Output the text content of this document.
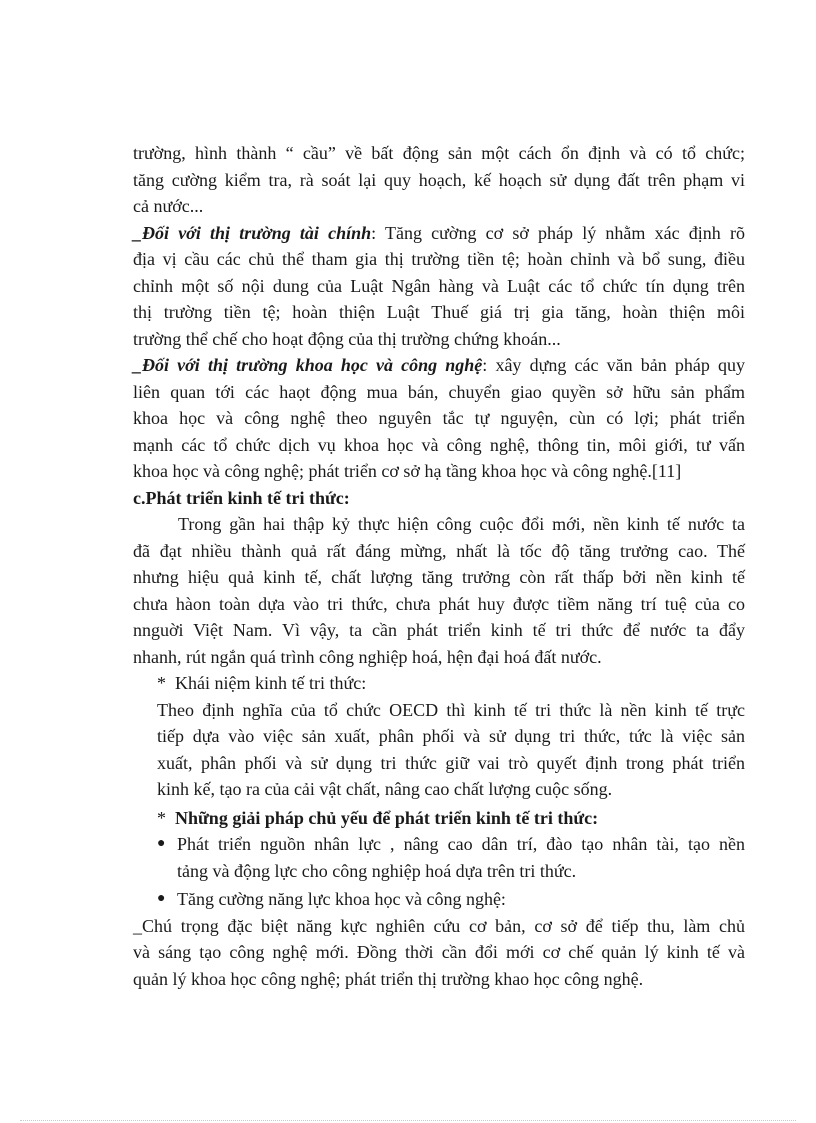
trường, hình thành “ cầu” về bất động sản một cách ổn định và có tổ chức;
tăng cường kiểm tra, rà soát lại quy hoạch, kế hoạch sử dụng đất trên phạm vi
cả nước...

_Đối với thị trường tài chính: Tăng cường cơ sở pháp lý nhằm xác định rõ
địa vị cầu các chủ thể tham gia thị trường tiền tệ; hoàn chỉnh và bổ sung, điều
chỉnh một số nội dung của Luật Ngân hàng và Luật các tổ chức tín dụng trên
thị trường tiền tệ; hoàn thiện Luật Thuế giá trị gia tăng, hoàn thiện môi
trường thể chế cho hoạt động của thị trường chứng khoán...

_Đối với thị trường khoa học và công nghệ: xây dựng các văn bản pháp quy
liên quan tới các haọt động mua bán, chuyển giao quyền sở hữu sản phẩm
khoa học và công nghệ theo nguyên tắc tự nguyện, cùn có lợi; phát triển
mạnh các tổ chức dịch vụ khoa học và công nghệ, thông tin, môi giới, tư vấn
khoa học và công nghệ; phát triển cơ sở hạ tầng khoa học và công nghệ.[11]

c.Phát triển kinh tế tri thức:

Trong gần hai thập kỷ thực hiện công cuộc đổi mới, nền kinh tế nước ta
đã đạt nhiều thành quả rất đáng mừng, nhất là tốc độ tăng trưởng cao. Thế
nhưng hiệu quả kinh tế, chất lượng tăng trưởng còn rất thấp bởi nền kinh tế
chưa hàon toàn dựa vào tri thức, chưa phát huy được tiềm năng trí tuệ của co
nnguời Việt Nam. Vì vậy, ta cần phát triển kinh tế tri thức để nước ta đẩy
nhanh, rút ngắn quá trình công nghiệp hoá, hện đại hoá đất nước.

* Khái niệm kinh tế tri thức:

Theo định nghĩa của tổ chức OECD thì kinh tế tri thức là nền kinh tế trực
tiếp dựa vào việc sản xuất, phân phối và sử dụng tri thức, tức là việc sản
xuất, phân phối và sử dụng tri thức giữ vai trò quyết định trong phát triển
kinh kế, tạo ra của cải vật chất, nâng cao chất lượng cuộc sống.

* Những giải pháp chủ yếu để phát triển kinh tế tri thức:

● Phát triển nguồn nhân lực , nâng cao dân trí, đào tạo nhân tài, tạo nền
tảng và động lực cho công nghiệp hoá dựa trên tri thức.
● Tăng cường năng lực khoa học và công nghệ:

_Chú trọng đặc biệt năng kực nghiên cứu cơ bản, cơ sở để tiếp thu, làm chủ
và sáng tạo công nghệ mới. Đồng thời cần đổi mới cơ chế quản lý kinh tế và
quản lý khoa học công nghệ; phát triển thị trường khao học công nghệ.
